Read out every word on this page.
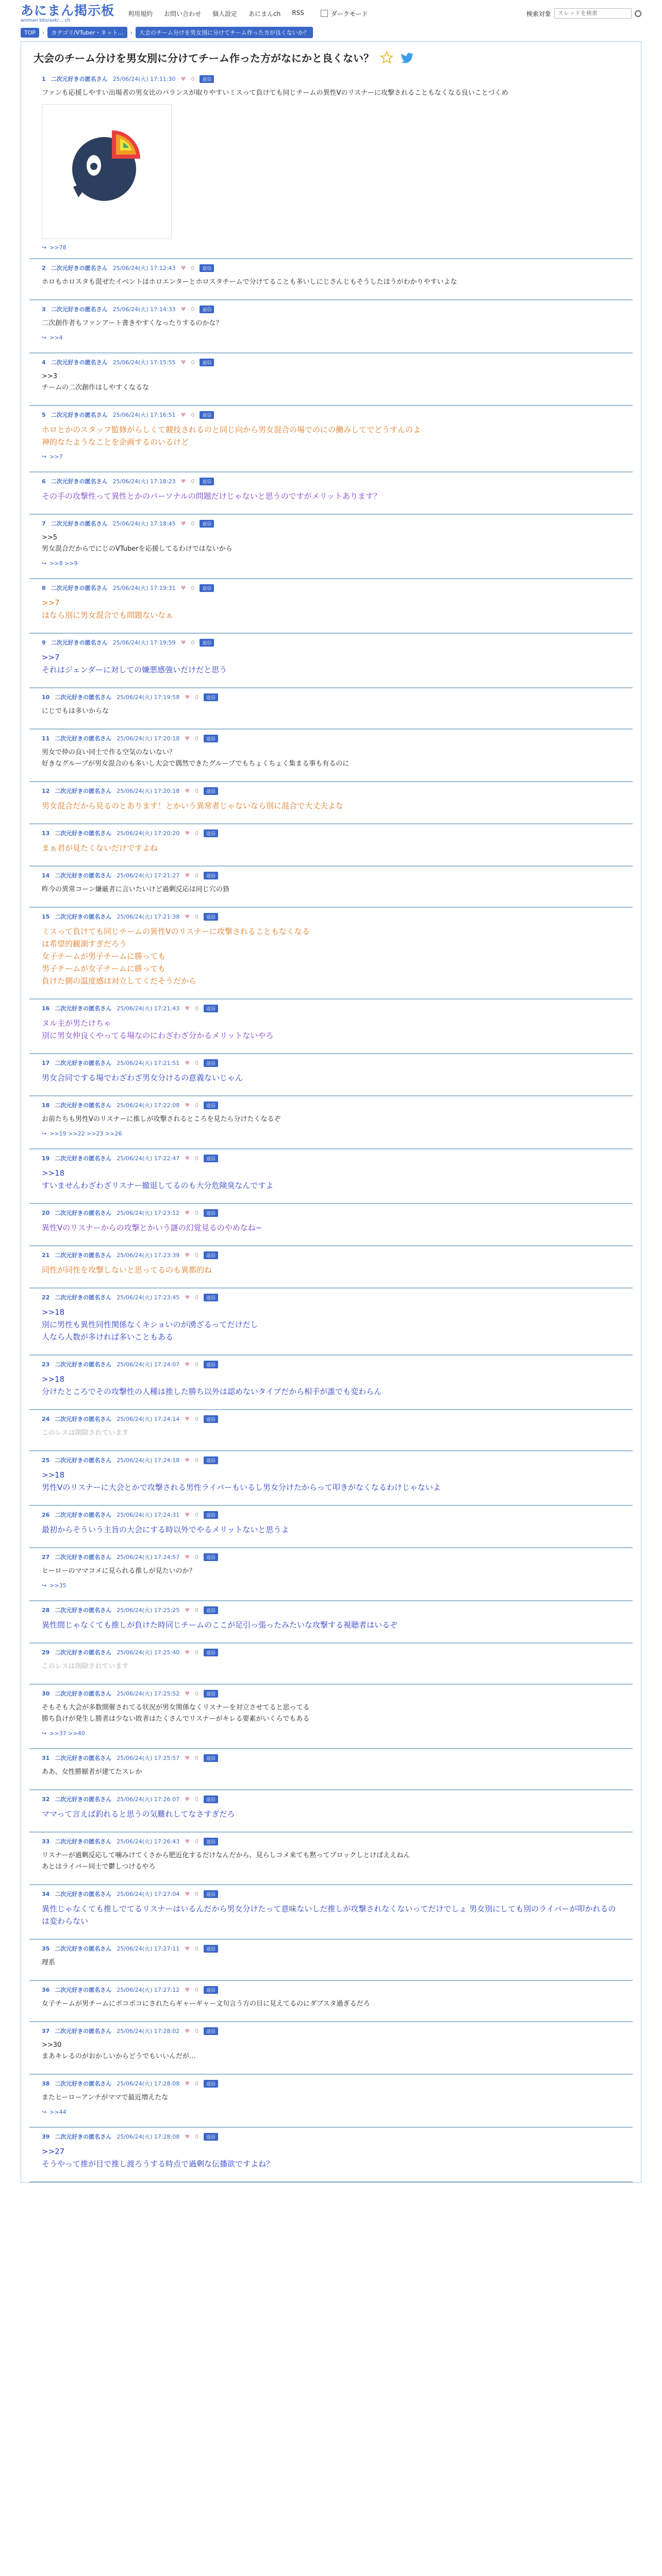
あにまん掲示板
animan bbs/ask/... ch
利用規約 お問い合わせ 個人設定 あにまんch RSS	ダークモード	検索対象
スレッドを検索
TOP	›	カテゴリ/VTuber・ネット…	›	大会のチーム分けを男女別に分けてチーム作った方が良くないか？
大会のチーム分けを男女別に分けてチーム作った方がなにかと良くない？
1 二次元好きの匿名さん 25/06/24(火) 17:11:30 ♥ 0	返信
ファンも応援しやすい出場者の男女比のバランスが取りやすいミスって負けても同じチームの異性Vのリスナーに攻撃されることもなくなる良いことづくめ
↪ >>78
2 二次元好きの匿名さん 25/06/24(火) 17:12:43 ♥ 0	返信
ホロもホロスタも混ぜたイベントはホロエンターとホロスタチームで分けてることも多いしにじさんじもそうしたほうがわかりやすいよな
3 二次元好きの匿名さん 25/06/24(火) 17:14:33 ♥ 0	返信
二次創作者もファンアート書きやすくなったりするのかな？
↪ >>4
4 二次元好きの匿名さん 25/06/24(火) 17:15:55 ♥ 0	返信
>>3
チームの二次創作はしやすくなるな
5 二次元好きの匿名さん 25/06/24(火) 17:16:51 ♥ 0	返信
ホロとかのスタッフ監修がらしくて競技されるのと同じ向から男女混合の場でのにの働みしてでどうすんのよ
神的なたようなことを企画するのいるけど
↪ >>7
6 二次元好きの匿名さん 25/06/24(火) 17:18:23 ♥ 0	返信
その手の攻撃性って異性とかのパーソナルの問題だけじゃないと思うのですがメリットあります？
7 二次元好きの匿名さん 25/06/24(火) 17:18:45 ♥ 0	返信
>>5
男女混合だからでにじのVTuberを応援してるわけではないから
↪ >>8 >>9
8 二次元好きの匿名さん 25/06/24(火) 17:19:31 ♥ 0	返信
>>7
ほなら別に男女混合でも問題ないなぁ
9 二次元好きの匿名さん 25/06/24(火) 17:19:59 ♥ 0	返信
>>7
それはジェンダーに対しての嫌悪感強いだけだと思う
10 二次元好きの匿名さん 25/06/24(火) 17:19:58 ♥ 0	返信
にじでもは多いからな
11 二次元好きの匿名さん 25/06/24(火) 17:20:18 ♥ 0	返信
男女で仲の良い同士で作る空気のないない？
好きなグループが男女混合のも多いし大会で偶然できたグループでもちょくちょく集まる事も有るのに
12 二次元好きの匿名さん 25/06/24(火) 17:20:18 ♥ 0	返信
男女混合だから見るのとあります！とかいう異常者じゃないなら別に混合で大丈夫よな
13 二次元好きの匿名さん 25/06/24(火) 17:20:20 ♥ 0	返信
まぁ君が見たくないだけですよね
14 二次元好きの匿名さん 25/06/24(火) 17:21:27 ♥ 0	返信
昨今の異常コーン嫌厳者に言いたいけど過剰反応は同じ穴の狢
15 二次元好きの匿名さん 25/06/24(火) 17:21:38 ♥ 0	返信
ミスって負けても同じチームの異性Vのリスナーに攻撃されることもなくなる
は希望的観測すぎだろう
女子チームが男子チームに勝っても
男子チームが女子チームに勝っても
負けた側の温度感は対立してくだそうだから
16 二次元好きの匿名さん 25/06/24(火) 17:21:43 ♥ 0	返信
ヌル主が男たけちゃ
別に男女仲良くやってる場なのにわざわざ分かるメリットないやろ
17 二次元好きの匿名さん 25/06/24(火) 17:21:51 ♥ 0	返信
男女合同でする場でわざわざ男女分けるの意義ないじゃん
18 二次元好きの匿名さん 25/06/24(火) 17:22:08 ♥ 0	返信
お前たちも男性Vのリスナーに推しが攻撃されるところを見たら分けたくなるぞ
↪ >>19 >>22 >>23 >>26
19 二次元好きの匿名さん 25/06/24(火) 17:22:47 ♥ 0	返信
>>18
すいませんわざわざリスナー撤退してるのも大分危険臭なんですよ
20 二次元好きの匿名さん 25/06/24(火) 17:23:12 ♥ 0	返信
異性Vのリスナーからの攻撃とかいう謎の幻覚見るのやめなね~
21 二次元好きの匿名さん 25/06/24(火) 17:23:39 ♥ 0	返信
同性が同性を攻撃しないと思ってるのも異都的ね
22 二次元好きの匿名さん 25/06/24(火) 17:23:45 ♥ 0	返信
>>18
別に男性も異性同性関係なくキショいのが湧ざるってだけだし
人なら人数が多ければ多いこともある
23 二次元好きの匿名さん 25/06/24(火) 17:24:07 ♥ 0	返信
>>18
分けたところでその攻撃性の人種は推した勝ち以外は認めないタイプだから相手が誰でも変わらん
24 二次元好きの匿名さん 25/06/24(火) 17:24:14 ♥ 0	返信
このレスは削除されています
25 二次元好きの匿名さん 25/06/24(火) 17:24:18 ♥ 0	返信
>>18
男性Vのリスナーに大会とかで攻撃される男性ライバーもいるし男女分けたからって叩きがなくなるわけじゃないよ
26 二次元好きの匿名さん 25/06/24(火) 17:24:31 ♥ 0	返信
最初からそういう主旨の大会にする時以外でやるメリットないと思うよ
27 二次元好きの匿名さん 25/06/24(火) 17:24:57 ♥ 0	返信
ヒーローのママコメに見られる推しが見たいのか？
↪ >>35
28 二次元好きの匿名さん 25/06/24(火) 17:25:25 ♥ 0	返信
異性間じゃなくても推しが負けた時同じチームのここが足引っ張ったみたいな攻撃する視聴者はいるぞ
29 二次元好きの匿名さん 25/06/24(火) 17:25:40 ♥ 0	返信
このレスは削除されています
30 二次元好きの匿名さん 25/06/24(火) 17:25:52 ♥ 0	返信
そもそも大会が多数開催されてる状況が男女関係なくリスナーを対立させてると思ってる
勝ち負けが発生し勝者は少ない敗者はたくさんでリスナーがキレる要素がいくらでもある
↪ >>37 >>40
31 二次元好きの匿名さん 25/06/24(火) 17:25:57 ♥ 0	返信
ああ、女性勝厭者が建てたスレか
32 二次元好きの匿名さん 25/06/24(火) 17:26:07 ♥ 0	返信
ママって言えば釣れると思うの気難れしてなさすぎだろ
33 二次元好きの匿名さん 25/06/24(火) 17:26:43 ♥ 0	返信
リスナーが過剰反応して噛みけてくさから肥近化するだけなんだから、見らしコメ来ても黙ってブロックしとけばええねん
あとはライバー同士で鬱しつけるやろ
34 二次元好きの匿名さん 25/06/24(火) 17:27:04 ♥ 0	返信
異性じゃなくても推しでてるリスナーはいるんだから男女分けたって意味ないしだ推しが攻撃されなくないってだけでしょ 男女別にしても別のライバーが叩かれるのは変わらない
35 二次元好きの匿名さん 25/06/24(火) 17:27:11 ♥ 0	返信
理系
36 二次元好きの匿名さん 25/06/24(火) 17:27:12 ♥ 0	返信
女子チームが男チームにボコボコにされたらギャーギャー文句言う方の目に見えてるのにダブスタ過ぎるだろ
37 二次元好きの匿名さん 25/06/24(火) 17:28:02 ♥ 0	返信
>>30
まあキレるのがおかしいからどうでもいいんだが…
38 二次元好きの匿名さん 25/06/24(火) 17:28:08 ♥ 0	返信
またヒーローアンチがママで最近増えたな
↪ >>44
39 二次元好きの匿名さん 25/06/24(火) 17:28:08 ♥ 0	返信
>>27
そうやって推が目で推し渡ろうする時点で過剰な伝播欲ですよね？
